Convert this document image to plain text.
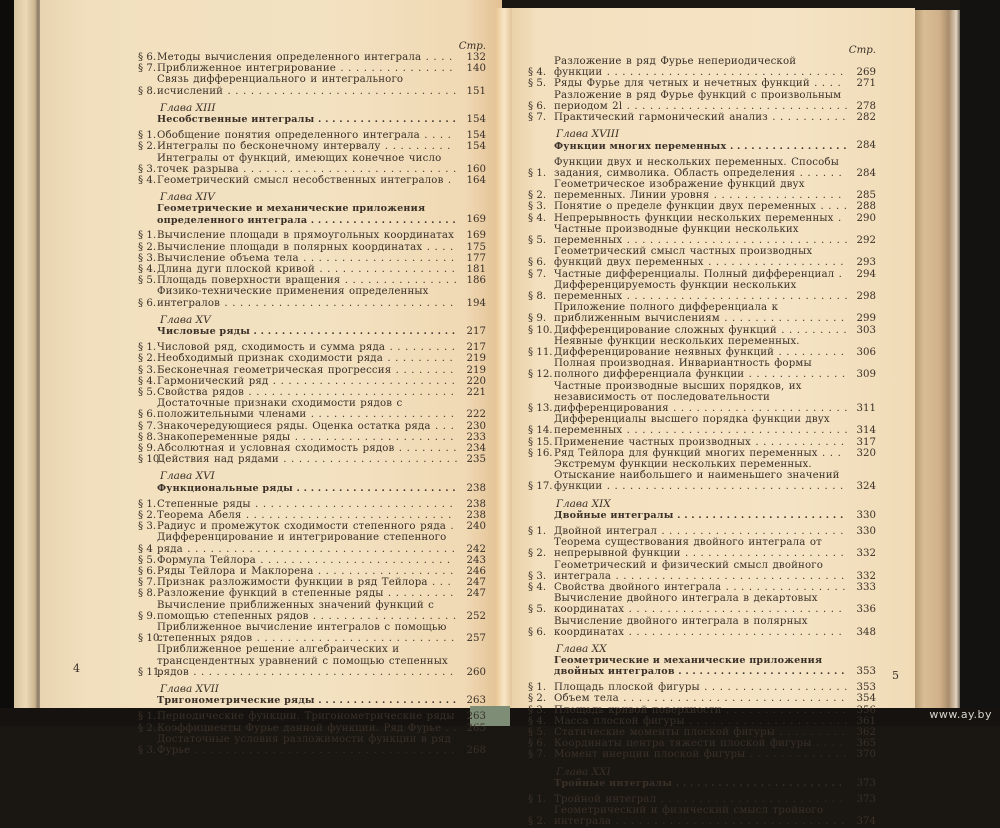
Стр.
§ 6. Методы вычисления определенного интеграла . . .	132
§ 7. Приближенное интегрирование . . .	140
§ 8.
Связь дифференциального и интегрального исчислений . . .	151
Глава XIII
Несобственные интегралы . . .	154
§ 1. Обобщение понятия определенного интеграла . . .	154
§ 2. Интегралы по бесконечному интервалу . . .	154
§ 3.
Интегралы от функций, имеющих конечное число точек разрыва . . .	160
§ 4. Геометрический смысл несобственных интегралов . . .	164
Глава XIV
Геометрические и механические приложения определенного интеграла . . .	169
§ 1. Вычисление площади в прямоугольных координатах	169
§ 2. Вычисление площади в полярных координатах . . .	175
§ 3. Вычисление объема тела . . .	177
§ 4. Длина дуги плоской кривой . . .	181
§ 5. Площадь поверхности вращения . . .	186
§ 6.
Физико-технические применения определенных интегралов . . .	194
Глава XV
Числовые ряды . . .	217
§ 1. Числовой ряд, сходимость и сумма ряда . . .	217
§ 2. Необходимый признак сходимости ряда . . .	219
§ 3. Бесконечная геометрическая прогрессия . . .	219
§ 4. Гармонический ряд . . .	220
§ 5. Свойства рядов . . .	221
§ 6.
Достаточные признаки сходимости рядов с положительными членами . . .	222
§ 7. Знакочередующиеся ряды. Оценка остатка ряда . . .	230
§ 8. Знакопеременные ряды . . .	233
§ 9. Абсолютная и условная сходимость рядов . . .	234
§ 10.
Действия над рядами . . .	235
Глава XVI
Функциональные ряды . . .	238
§ 1. Степенные ряды . . .	238
§ 2. Теорема Абеля . . .	238
§ 3. Радиус и промежуток сходимости степенного ряда . . .	240
§ 4
Дифференцирование и интегрирование степенного ряда . . .	242
§ 5. Формула Тейлора . . .	243
§ 6. Ряды Тейлора и Маклорена . . .	246
§ 7. Признак разложимости функции в ряд Тейлора . . .	247
§ 8. Разложение функций в степенные ряды . . .	247
§ 9.
Вычисление приближенных значений функций с помощью степенных рядов . . .	252
§ 10.
Приближенное вычисление интегралов с помощью степенных рядов . . .	257
§ 11.
Приближенное решение алгебраических и трансцендентных уравнений с помощью степенных рядов . . .	260
Глава XVII
Тригонометрические ряды . . .	263
§ 1. Периодические функции. Тригонометрические ряды	263
§ 2. Коэффициенты Фурье данной функции. Ряд Фурье . . .	265
§ 3.
Достаточные условия разложимости функции в ряд Фурье . . .	268
Стр.
§ 4.
Разложение в ряд Фурье непериодической функции . . .	269
§ 5. Ряды Фурье для четных и нечетных функций . . .	271
§ 6.
Разложение в ряд Фурье функций с произвольным периодом 2l . . .	278
§ 7. Практический гармонический анализ . . .	282
Глава XVIII
Функции многих переменных . . .	284
§ 1.
Функции двух и нескольких переменных. Способы задания, символика. Область определения . . .	284
§ 2.
Геометрическое изображение функций двух переменных. Линии уровня . . .	285
§ 3. Понятие о пределе функции двух переменных . . .	288
§ 4. Непрерывность функции нескольких переменных . . .	290
§ 5.
Частные производные функции нескольких переменных . . .	292
§ 6.
Геометрический смысл частных производных функций двух переменных . . .	293
§ 7. Частные дифференциалы. Полный дифференциал . . .	294
§ 8.
Дифференцируемость функции нескольких переменных . . .	298
§ 9.
Приложение полного дифференциала к приближенным вычислениям . . .	299
§ 10. Дифференцирование сложных функций . . .	303
§ 11.
Неявные функции нескольких переменных. Дифференцирование неявных функций . . .	306
§ 12.
Полная производная. Инвариантность формы полного дифференциала функции . . .	309
§ 13.
Частные производные высших порядков, их независимость от последовательности дифференцирования . . .	311
§ 14.
Дифференциалы высшего порядка функции двух переменных . . .	314
§ 15. Применение частных производных . . .	317
§ 16. Ряд Тейлора для функций многих переменных . . .	320
§ 17.
Экстремум функции нескольких переменных. Отыскание наибольшего и наименьшего значений функции . . .	324
Глава XIX
Двойные интегралы . . .	330
§ 1. Двойной интеграл . . .	330
§ 2.
Теорема существования двойного интеграла от непрерывной функции . . .	332
§ 3.
Геометрический и физический смысл двойного интеграла . . .	332
§ 4. Свойства двойного интеграла . . .	333
§ 5.
Вычисление двойного интеграла в декартовых координатах . . .	336
§ 6.
Вычисление двойного интеграла в полярных координатах . . .	348
Глава XX
Геометрические и механические приложения двойных интегралов . . .	353
§ 1. Площадь плоской фигуры . . .	353
§ 2. Объем тела . . .	354
§ 3. Площадь кривой поверхности . . .	356
§ 4. Масса плоской фигуры . . .	361
§ 5. Статические моменты плоской фигуры . . .	362
§ 6. Координаты центра тяжести плоской фигуры . . .	365
§ 7. Момент инерции плоской фигуры . . .	370
Глава XXI
Тройные интегралы . . .	373
§ 1. Тройной интеграл . . .	373
§ 2.
Геометрический и физический смысл тройного интеграла . . .	374
4
5
www.ay.by
